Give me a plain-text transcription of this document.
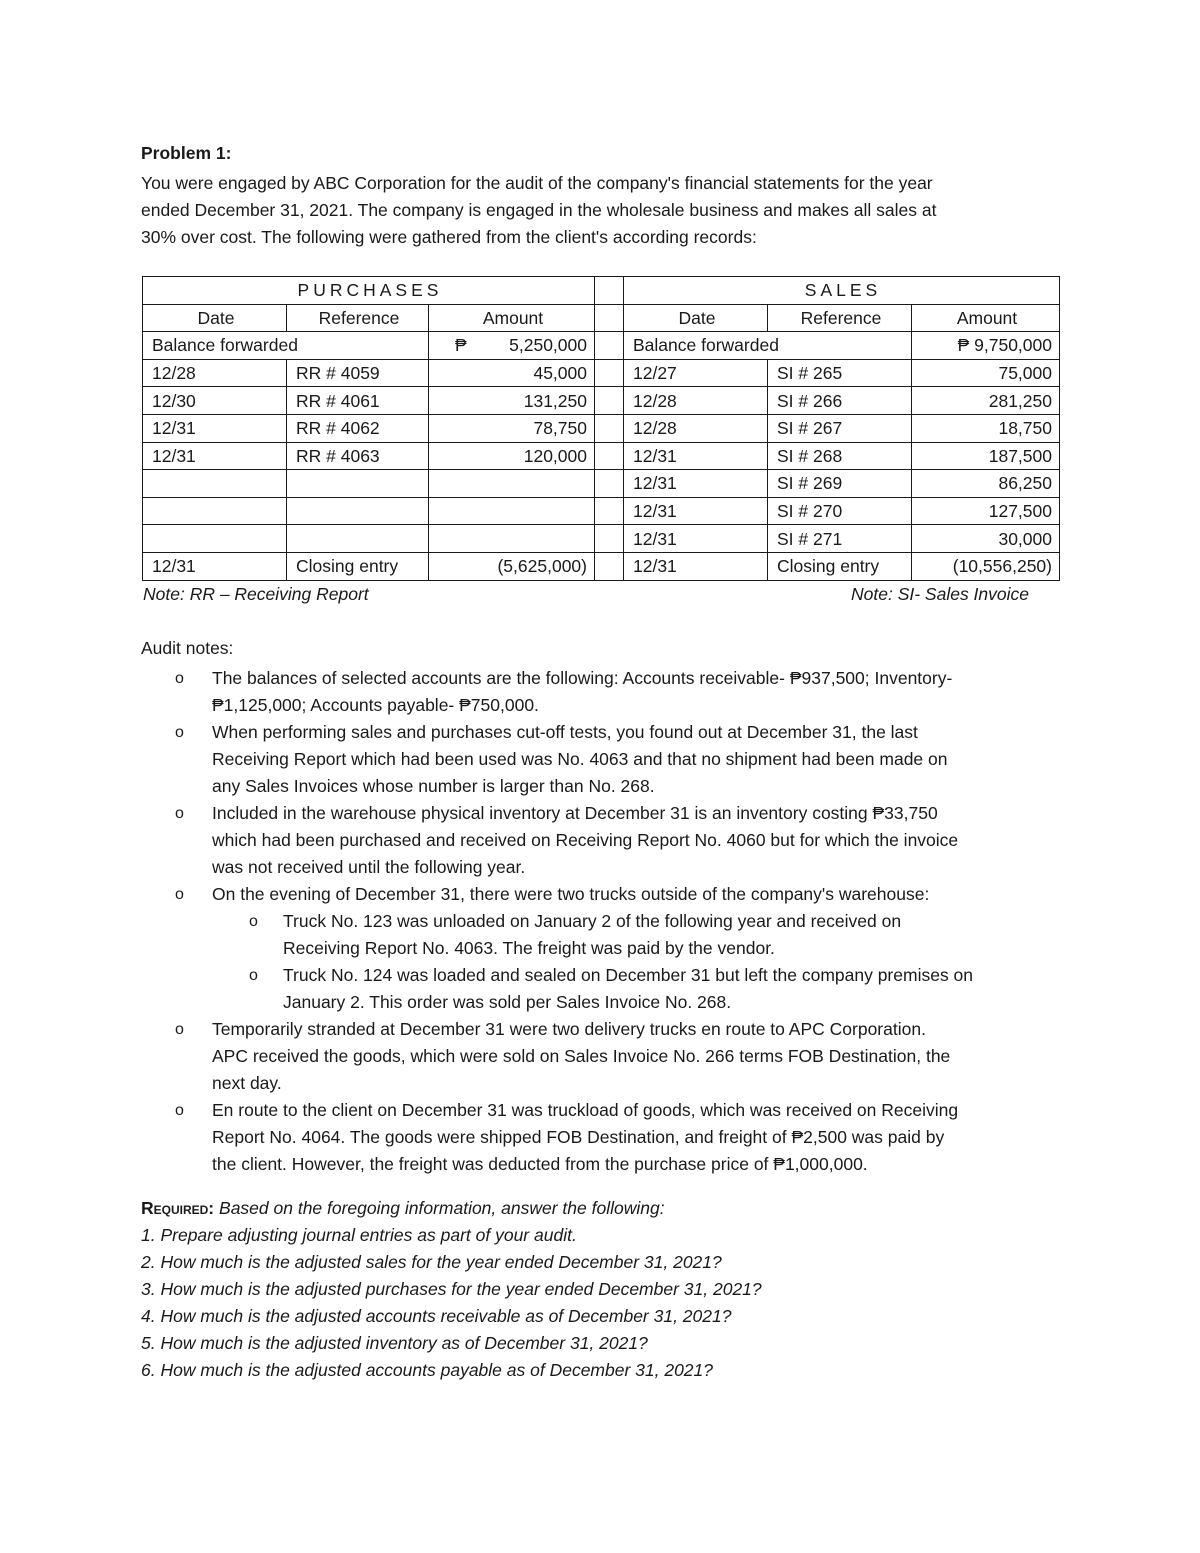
Problem 1:
You were engaged by ABC Corporation for the audit of the company's financial statements for the year
ended December 31, 2021. The company is engaged in the wholesale business and makes all sales at
30% over cost. The following were gathered from the client's according records:
PURCHASES				SALES		
Date	Reference	Amount		Date	Reference	Amount
Balance forwarded		₱ 5,250,000		Balance forwarded		₱ 9,750,000
12/28	RR # 4059	45,000		12/27	SI # 265	75,000
12/30	RR # 4061	131,250		12/28	SI # 266	281,250
12/31	RR # 4062	78,750		12/28	SI # 267	18,750
12/31	RR # 4063	120,000		12/31	SI # 268	187,500
				12/31	SI # 269	86,250
				12/31	SI # 270	127,500
				12/31	SI # 271	30,000
12/31	Closing entry	(5,625,000)		12/31	Closing entry	(10,556,250)
Note: RR – Receiving Report	Note: SI- Sales Invoice
Audit notes:
o The balances of selected accounts are the following: Accounts receivable- ₱937,500; Inventory-
₱1,125,000; Accounts payable- ₱750,000.
o When performing sales and purchases cut-off tests, you found out at December 31, the last
Receiving Report which had been used was No. 4063 and that no shipment had been made on
any Sales Invoices whose number is larger than No. 268.
o Included in the warehouse physical inventory at December 31 is an inventory costing ₱33,750
which had been purchased and received on Receiving Report No. 4060 but for which the invoice
was not received until the following year.
o On the evening of December 31, there were two trucks outside of the company's warehouse:
o Truck No. 123 was unloaded on January 2 of the following year and received on
Receiving Report No. 4063. The freight was paid by the vendor.
o Truck No. 124 was loaded and sealed on December 31 but left the company premises on
January 2. This order was sold per Sales Invoice No. 268.
o Temporarily stranded at December 31 were two delivery trucks en route to APC Corporation.
APC received the goods, which were sold on Sales Invoice No. 266 terms FOB Destination, the
next day.
o En route to the client on December 31 was truckload of goods, which was received on Receiving
Report No. 4064. The goods were shipped FOB Destination, and freight of ₱2,500 was paid by
the client. However, the freight was deducted from the purchase price of ₱1,000,000.
Required: Based on the foregoing information, answer the following:
1. Prepare adjusting journal entries as part of your audit.
2. How much is the adjusted sales for the year ended December 31, 2021?
3. How much is the adjusted purchases for the year ended December 31, 2021?
4. How much is the adjusted accounts receivable as of December 31, 2021?
5. How much is the adjusted inventory as of December 31, 2021?
6. How much is the adjusted accounts payable as of December 31, 2021?
